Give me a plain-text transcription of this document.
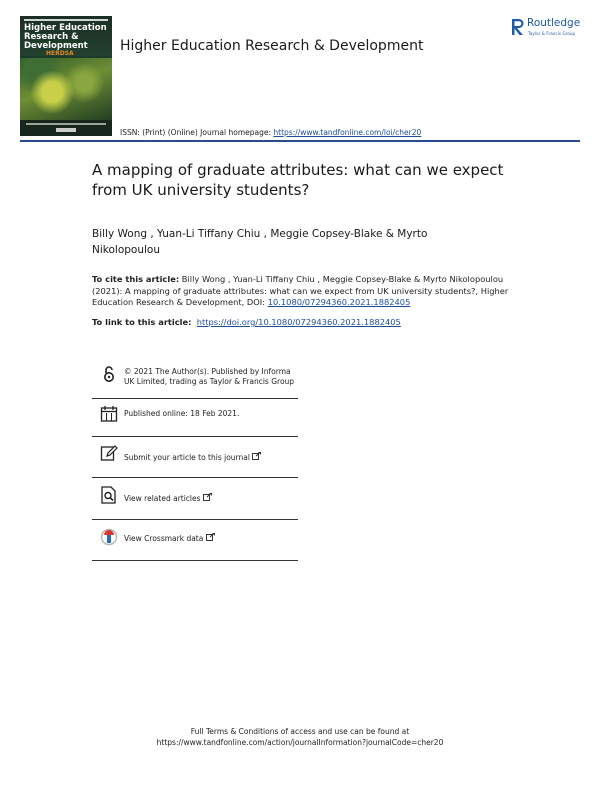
Higher Education Research & Development
HERDSA	Higher Education Research & Development
Routledge
Taylor & Francis Group
ISSN: (Print) (Online) Journal homepage: https://www.tandfonline.com/loi/cher20
A mapping of graduate attributes: what can we expect from UK university students?
Billy Wong , Yuan-Li Tiffany Chiu , Meggie Copsey-Blake & Myrto Nikolopoulou
To cite this article: Billy Wong , Yuan-Li Tiffany Chiu , Meggie Copsey-Blake & Myrto Nikolopoulou (2021): A mapping of graduate attributes: what can we expect from UK university students?, Higher Education Research & Development, DOI: 10.1080/07294360.2021.1882405
To link to this article: https://doi.org/10.1080/07294360.2021.1882405
© 2021 The Author(s). Published by Informa UK Limited, trading as Taylor & Francis Group
Published online: 18 Feb 2021.
Submit your article to this journal
View related articles
View Crossmark data
Full Terms & Conditions of access and use can be found at
https://www.tandfonline.com/action/journalInformation?journalCode=cher20
